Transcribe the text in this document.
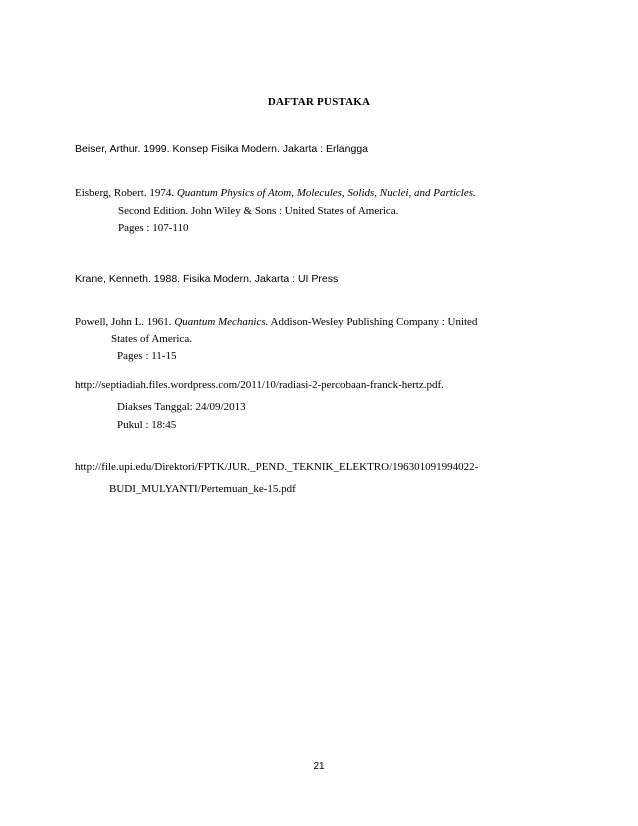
DAFTAR PUSTAKA
Beiser, Arthur. 1999. Konsep Fisika Modern. Jakarta : Erlangga
Eisberg, Robert. 1974. Quantum Physics of Atom, Molecules, Solids, Nuclei, and Particles.
Second Edition. John Wiley & Sons : United States of America.
Pages : 107-110
Krane, Kenneth. 1988. Fisika Modern. Jakarta : UI Press
Powell, John L. 1961. Quantum Mechanics. Addison-Wesley Publishing Company : United
States of America.
Pages : 11-15
http://septiadiah.files.wordpress.com/2011/10/radiasi-2-percobaan-franck-hertz.pdf.
Diakses Tanggal: 24/09/2013
Pukul : 18:45
http://file.upi.edu/Direktori/FPTK/JUR._PEND._TEKNIK_ELEKTRO/196301091994022-
BUDI_MULYANTI/Pertemuan_ke-15.pdf
21
